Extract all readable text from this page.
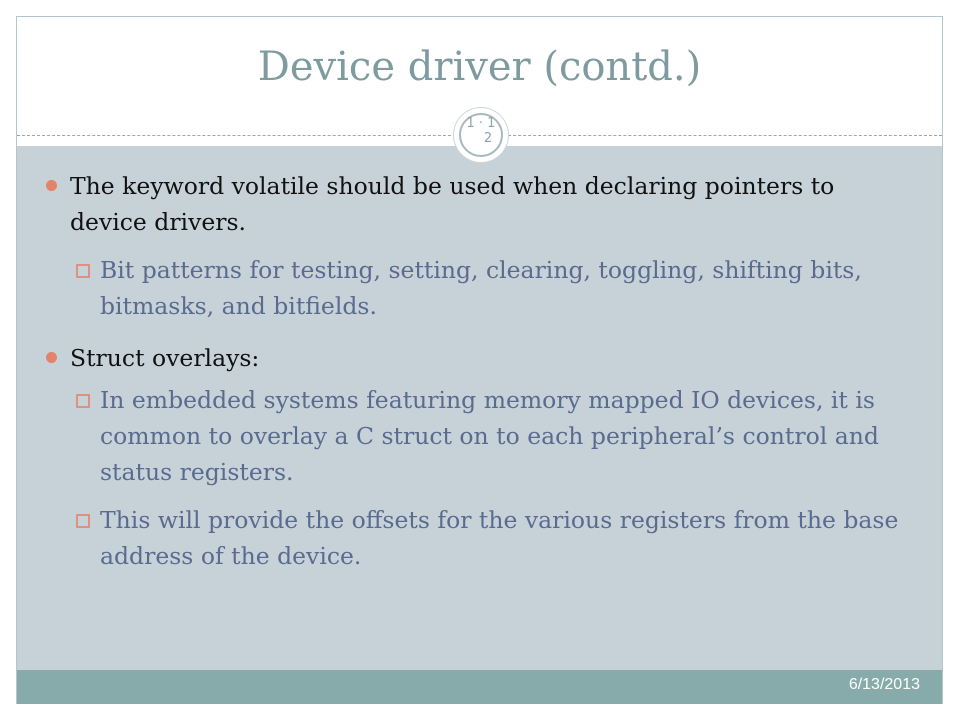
Device driver (contd.)
1 · 1
2
The keyword volatile should be used when declaring pointers to device drivers.
Bit patterns for testing, setting, clearing, toggling, shifting bits, bitmasks, and bitfields.
Struct overlays:
In embedded systems featuring memory mapped IO devices, it is common to overlay a C struct on to each peripheral’s control and status registers.
This will provide the offsets for the various registers from the base address of the device.
6/13/2013
